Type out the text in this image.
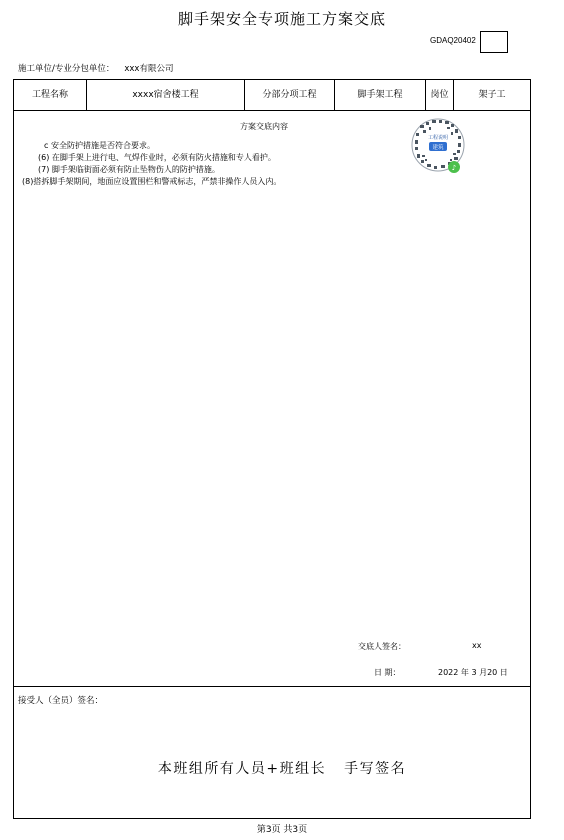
脚手架安全专项施工方案交底
GDAQ20402
施工单位/专业分包单位： xxx有限公司
工程名称	xxxx宿舍楼工程	分部分项工程	脚手架工程	岗位	架子工
方案交底内容
c 安全防护措施是否符合要求。
(6) 在脚手架上进行电、气焊作业时，必须有防火措施和专人看护。
(7) 脚手架临街面必须有防止坠物伤人的防护措施。
(8)搭拆脚手架期间，地面应设置围栏和警戒标志，严禁非操作人员入内。
工程说明
建筑
♪
交底人签名：	xx
日 期：	2022 年 3 月20 日
接受人（全员）签名：
本班组所有人员+班组长 手写签名
第3页 共3页
